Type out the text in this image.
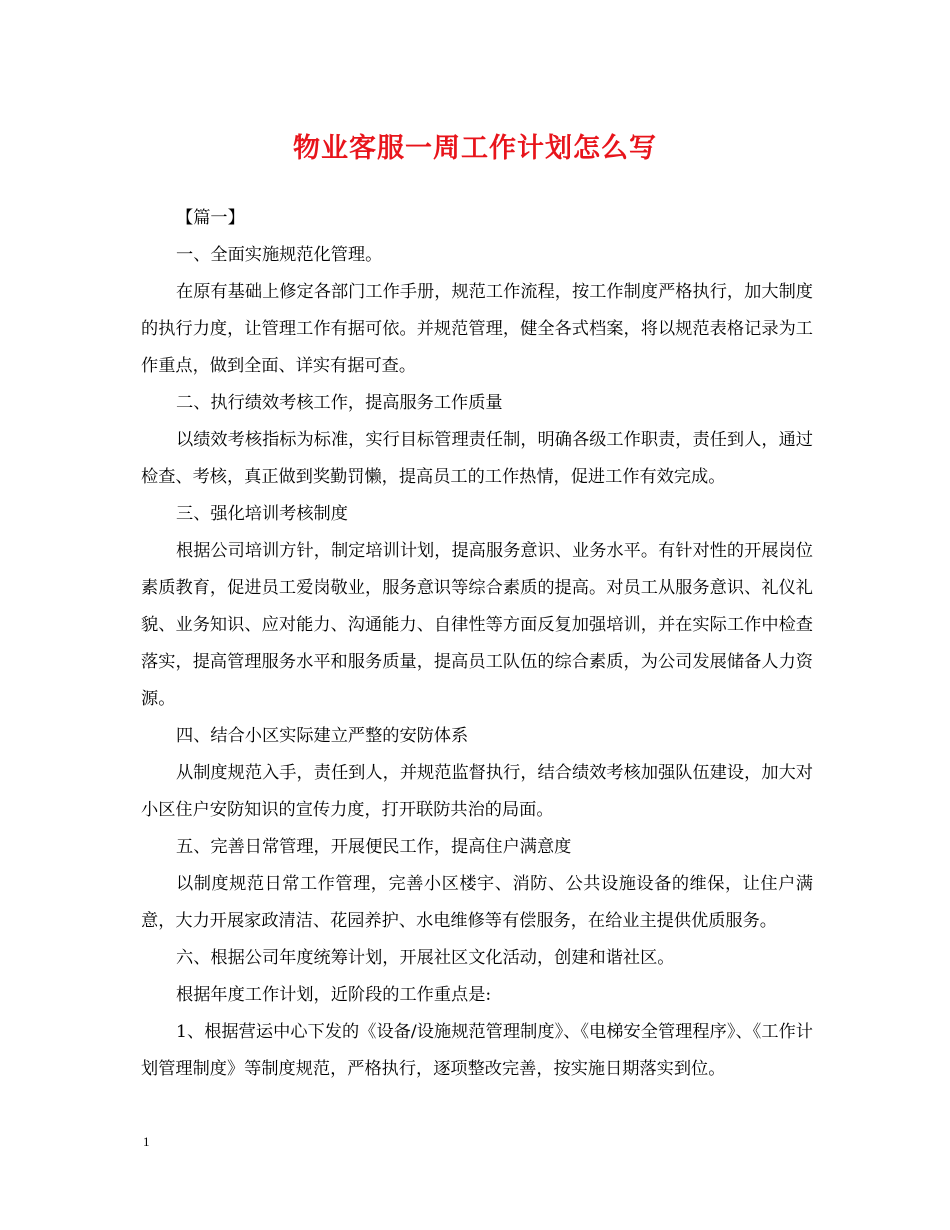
物业客服一周工作计划怎么写

【篇一】

一、全面实施规范化管理。

在原有基础上修定各部门工作手册，规范工作流程，按工作制度严格执行，加大制度的执行力度，让管理工作有据可依。并规范管理，健全各式档案，将以规范表格记录为工作重点，做到全面、详实有据可查。

二、执行绩效考核工作，提高服务工作质量

以绩效考核指标为标准，实行目标管理责任制，明确各级工作职责，责任到人，通过检查、考核，真正做到奖勤罚懒，提高员工的工作热情，促进工作有效完成。

三、强化培训考核制度

根据公司培训方针，制定培训计划，提高服务意识、业务水平。有针对性的开展岗位素质教育，促进员工爱岗敬业，服务意识等综合素质的提高。对员工从服务意识、礼仪礼貌、业务知识、应对能力、沟通能力、自律性等方面反复加强培训，并在实际工作中检查落实，提高管理服务水平和服务质量，提高员工队伍的综合素质，为公司发展储备人力资源。

四、结合小区实际建立严整的安防体系

从制度规范入手，责任到人，并规范监督执行，结合绩效考核加强队伍建设，加大对小区住户安防知识的宣传力度，打开联防共治的局面。

五、完善日常管理，开展便民工作，提高住户满意度

以制度规范日常工作管理，完善小区楼宇、消防、公共设施设备的维保，让住户满意，大力开展家政清洁、花园养护、水电维修等有偿服务，在给业主提供优质服务。

六、根据公司年度统筹计划，开展社区文化活动，创建和谐社区。

根据年度工作计划，近阶段的工作重点是:

1、根据营运中心下发的《设备/设施规范管理制度》、《电梯安全管理程序》、《工作计划管理制度》等制度规范，严格执行，逐项整改完善，按实施日期落实到位。

1
